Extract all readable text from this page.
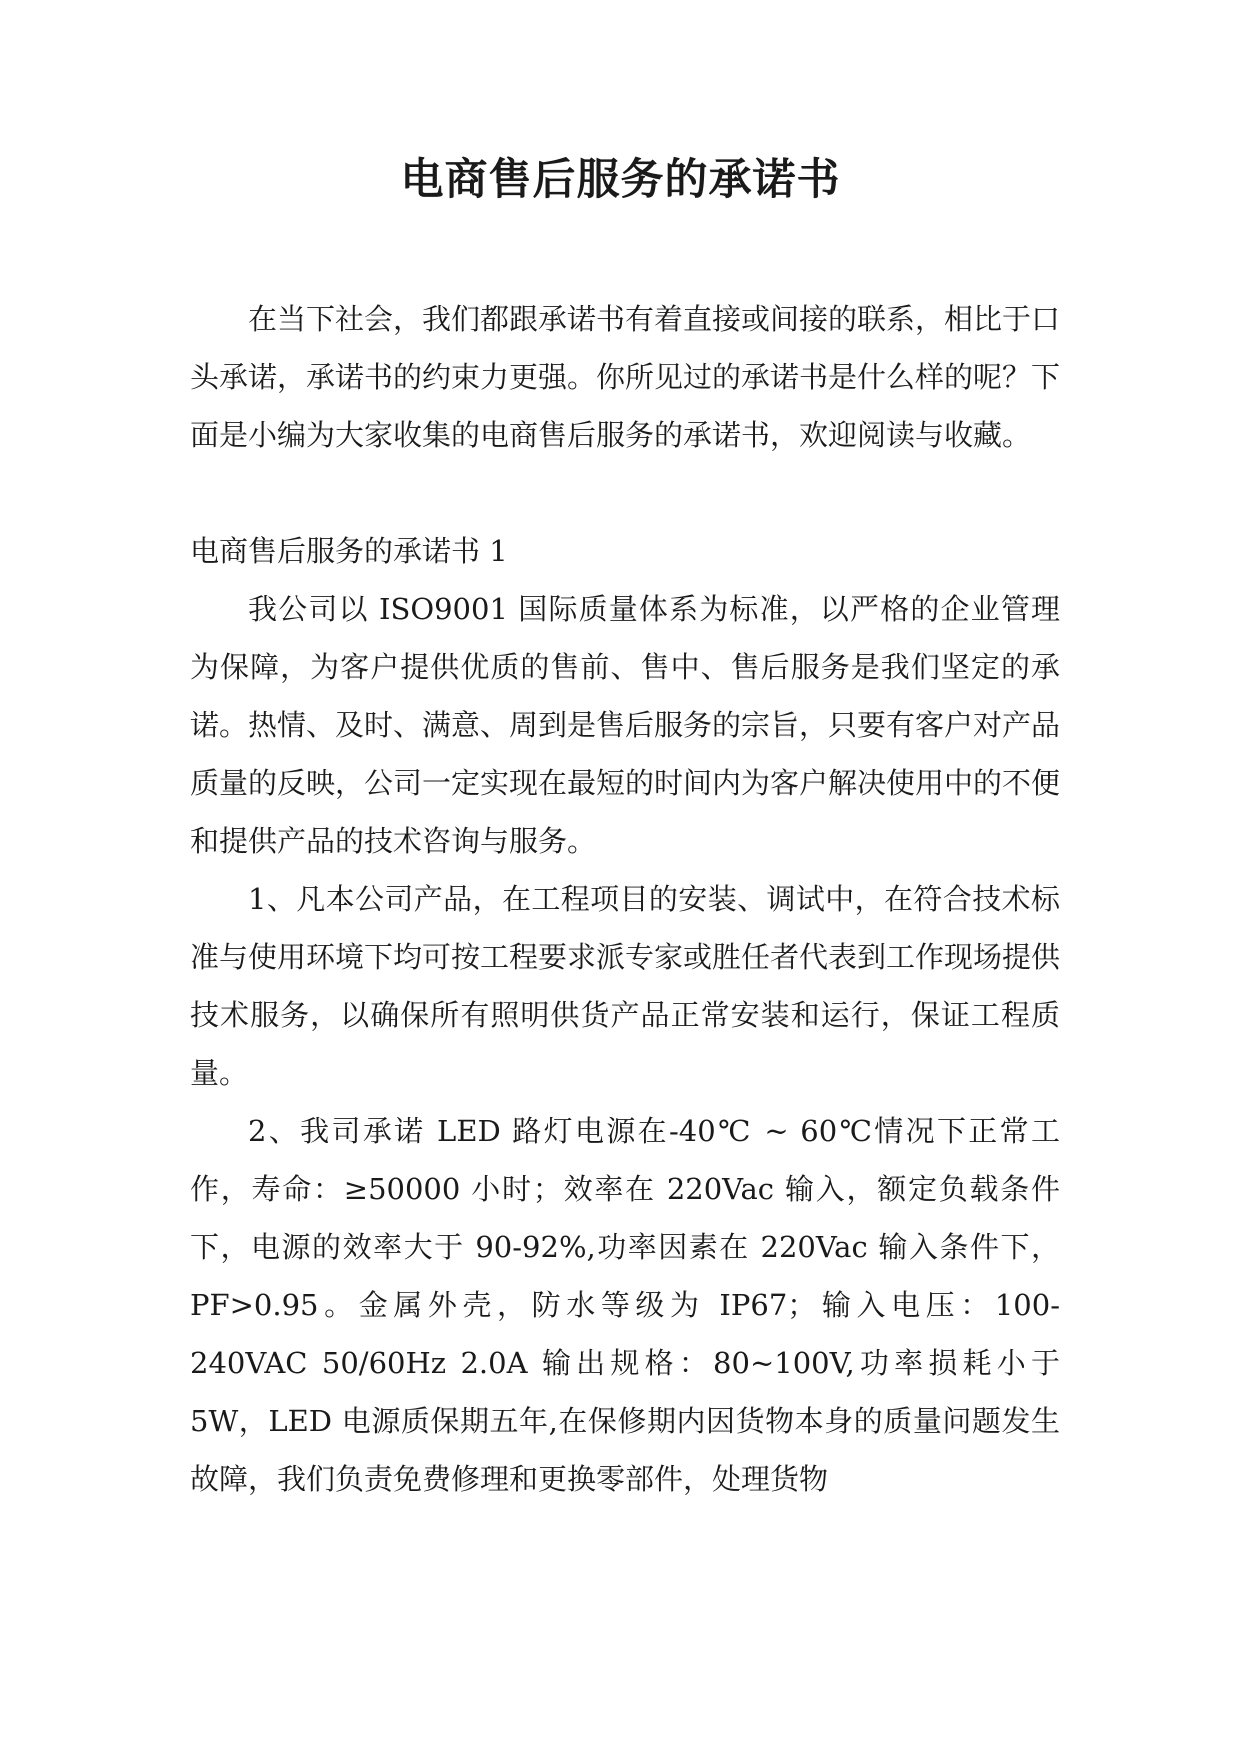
电商售后服务的承诺书

在当下社会，我们都跟承诺书有着直接或间接的联系，相比于口头承诺，承诺书的约束力更强。你所见过的承诺书是什么样的呢？下面是小编为大家收集的电商售后服务的承诺书，欢迎阅读与收藏。

电商售后服务的承诺书 1

我公司以 ISO9001 国际质量体系为标准，以严格的企业管理为保障，为客户提供优质的售前、售中、售后服务是我们坚定的承诺。热情、及时、满意、周到是售后服务的宗旨，只要有客户对产品质量的反映，公司一定实现在最短的时间内为客户解决使用中的不便和提供产品的技术咨询与服务。

1、凡本公司产品，在工程项目的安装、调试中，在符合技术标准与使用环境下均可按工程要求派专家或胜任者代表到工作现场提供技术服务，以确保所有照明供货产品正常安装和运行，保证工程质量。

2、我司承诺 LED 路灯电源在-40℃ ~ 60℃情况下正常工作，寿命：≥50000 小时；效率在 220Vac 输入，额定负载条件下，电源的效率大于 90-92%,功率因素在 220Vac 输入条件下，PF>0.95。金属外壳，防水等级为 IP67；输入电压：100-240VAC 50/60Hz 2.0A 输出规格：80~100V,功率损耗小于 5W，LED 电源质保期五年,在保修期内因货物本身的质量问题发生故障，我们负责免费修理和更换零部件，处理货物
